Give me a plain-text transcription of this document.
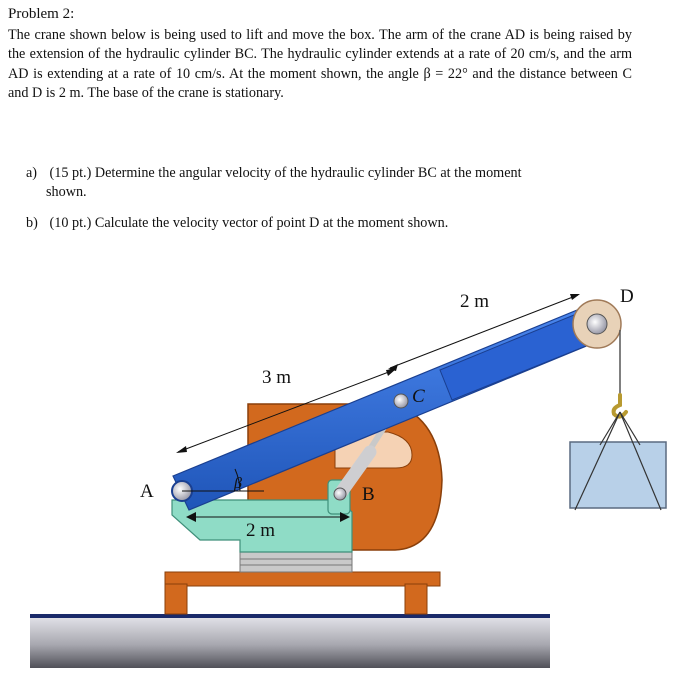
Problem 2:

The crane shown below is being used to lift and move the box. The arm of the crane AD is being raised by the extension of the hydraulic cylinder BC. The hydraulic cylinder extends at a rate of 20 cm/s, and the arm AD is extending at a rate of 10 cm/s. At the moment shown, the angle β = 22° and the distance between C and D is 2 m. The base of the crane is stationary.

a) (15 pt.) Determine the angular velocity of the hydraulic cylinder BC at the moment
shown.
b) (10 pt.) Calculate the velocity vector of point D at the moment shown.
A	B
C
D
β
3 m
2 m
2 m
